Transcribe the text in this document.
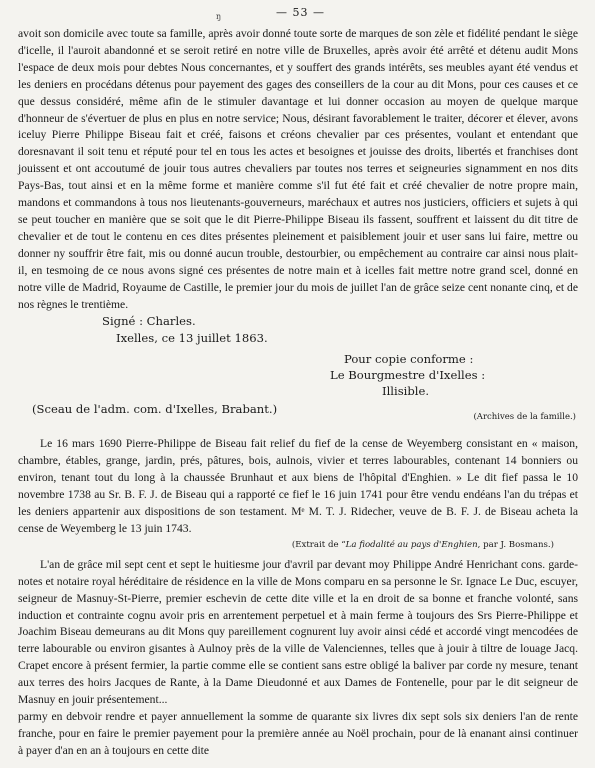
ŋ	— 53 —

avoit son domicile avec toute sa famille, après avoir donné toute sorte de marques de son zèle et fidélité pendant le siège d'icelle, il l'auroit abandonné et se seroit retiré en notre ville de Bruxelles, après avoir été arrêté et détenu audit Mons l'espace de deux mois pour debtes Nous concernantes, et y souffert des grands intérêts, ses meubles ayant été vendus et les deniers en procédans détenus pour payement des gages des conseillers de la cour au dit Mons, pour ces causes et ce que dessus considéré, même afin de le stimuler davantage et lui donner occasion au moyen de quelque marque d'honneur de s'évertuer de plus en plus en notre service; Nous, désirant favorablement le traiter, décorer et élever, avons iceluy Pierre Philippe Biseau fait et créé, faisons et créons chevalier par ces présentes, voulant et entendant que doresnavant il soit tenu et réputé pour tel en tous les actes et besoignes et jouisse des droits, libertés et franchises dont jouissent et ont accoutumé de jouir tous autres chevaliers par toutes nos terres et seigneuries signamment en nos dits Pays-Bas, tout ainsi et en la même forme et manière comme s'il fut été fait et créé chevalier de notre propre main, mandons et commandons à tous nos lieutenants-gouverneurs, maréchaux et autres nos justiciers, officiers et sujets à qui se peut toucher en manière que se soit que le dit Pierre-Philippe Biseau ils fassent, souffrent et laissent du dit titre de chevalier et de tout le contenu en ces dites présentes pleinement et paisiblement jouir et user sans lui faire, mettre ou donner ny souffrir être fait, mis ou donné aucun trouble, destourbier, ou empêchement au contraire car ainsi nous plait-il, en tesmoing de ce nous avons signé ces présentes de notre main et à icelles fait mettre notre grand scel, donné en notre ville de Madrid, Royaume de Castille, le premier jour du mois de juillet l'an de grâce seize cent nonante cinq, et de nos règnes le trentième.

Signé : Charles.

Ixelles, ce 13 juillet 1863.

Pour copie conforme :
Le Bourgmestre d'Ixelles :
Illisible.
(Sceau de l'adm. com. d'Ixelles, Brabant.)
(Archives de la famille.)

Le 16 mars 1690 Pierre-Philippe de Biseau fait relief du fief de la cense de Weyemberg consistant en « maison, chambre, étables, grange, jardin, prés, pâtures, bois, aulnois, vivier et terres labourables, contenant 14 bonniers ou environ, tenant tout du long à la chaussée Brunhaut et aux biens de l'hôpital d'Enghien. » Le dit fief passa le 10 novembre 1738 au Sr. B. F. J. de Biseau qui a rapporté ce fief le 16 juin 1741 pour être vendu endéans l'an du trépas et les deniers appartenir aux dispositions de son testament. Mᵉ M. T. J. Ridecher, veuve de B. F. J. de Biseau acheta la cense de Weyemberg le 13 juin 1743.

(Extrait de “La fiodalité au pays d'Enghien, par J. Bosmans.)

L'an de grâce mil sept cent et sept le huitiesme jour d'avril par devant moy Philippe André Henrichant cons. garde-notes et notaire royal héréditaire de résidence en la ville de Mons comparu en sa personne le Sr. Ignace Le Duc, escuyer, seigneur de Masnuy-St-Pierre, premier eschevin de cette dite ville et la en droit de sa bonne et franche volonté, sans induction et contrainte cognu avoir pris en arrentement perpetuel et à main ferme à toujours des Srs Pierre-Philippe et Joachim Biseau demeurans au dit Mons quy pareillement cognurent luy avoir ainsi cédé et accordé vingt mencodées de terre labourable ou environ gisantes à Aulnoy près de la ville de Valenciennes, telles que à jouir à tiltre de louage Jacq. Crapet encore à présent fermier, la partie comme elle se contient sans estre obligé la baliver par corde ny mesure, tenant aux terres des hoirs Jacques de Rante, à la Dame Dieudonné et aux Dames de Fontenelle, pour par le dit seigneur de Masnuy en jouir présentement...

parmy en debvoir rendre et payer annuellement la somme de quarante six livres dix sept sols six deniers l'an de rente franche, pour en faire le premier payement pour la première année au Noël prochain, pour de là enanant ainsi continuer à payer d'an en an à toujours en cette dite
